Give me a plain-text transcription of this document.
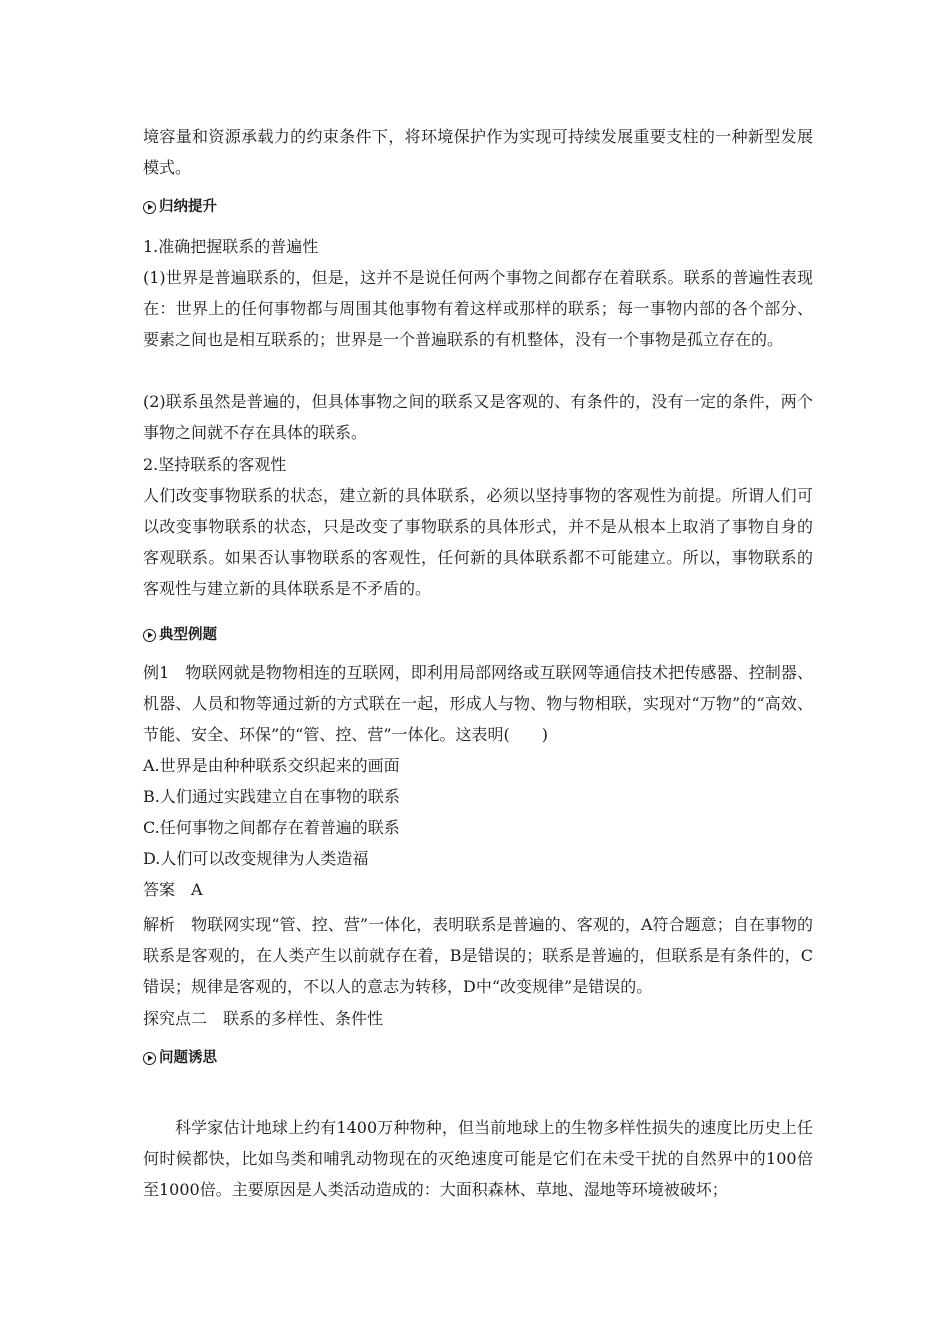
境容量和资源承载力的约束条件下，将环境保护作为实现可持续发展重要支柱的一种新型发展模式。

归纳提升
1.准确把握联系的普遍性

(1)世界是普遍联系的，但是，这并不是说任何两个事物之间都存在着联系。联系的普遍性表现在：世界上的任何事物都与周围其他事物有着这样或那样的联系；每一事物内部的各个部分、要素之间也是相互联系的；世界是一个普遍联系的有机整体，没有一个事物是孤立存在的。

(2)联系虽然是普遍的，但具体事物之间的联系又是客观的、有条件的，没有一定的条件，两个事物之间就不存在具体的联系。

2.坚持联系的客观性

人们改变事物联系的状态，建立新的具体联系，必须以坚持事物的客观性为前提。所谓人们可以改变事物联系的状态，只是改变了事物联系的具体形式，并不是从根本上取消了事物自身的客观联系。如果否认事物联系的客观性，任何新的具体联系都不可能建立。所以，事物联系的客观性与建立新的具体联系是不矛盾的。

典型例题

例1 物联网就是物物相连的互联网，即利用局部网络或互联网等通信技术把传感器、控制器、机器、人员和物等通过新的方式联在一起，形成人与物、物与物相联，实现对“万物”的“高效、节能、安全、环保”的“管、控、营”一体化。这表明(　　)

A.世界是由种种联系交织起来的画面
B.人们通过实践建立自在事物的联系
C.任何事物之间都存在着普遍的联系
D.人们可以改变规律为人类造福
答案 A

解析 物联网实现“管、控、营”一体化，表明联系是普遍的、客观的，A符合题意；自在事物的联系是客观的，在人类产生以前就存在着，B是错误的；联系是普遍的，但联系是有条件的，C错误；规律是客观的，不以人的意志为转移，D中“改变规律”是错误的。

探究点二 联系的多样性、条件性
问题诱思

科学家估计地球上约有1400万种物种，但当前地球上的生物多样性损失的速度比历史上任何时候都快，比如鸟类和哺乳动物现在的灭绝速度可能是它们在未受干扰的自然界中的100倍至1000倍。主要原因是人类活动造成的：大面积森林、草地、湿地等环境被破坏；
